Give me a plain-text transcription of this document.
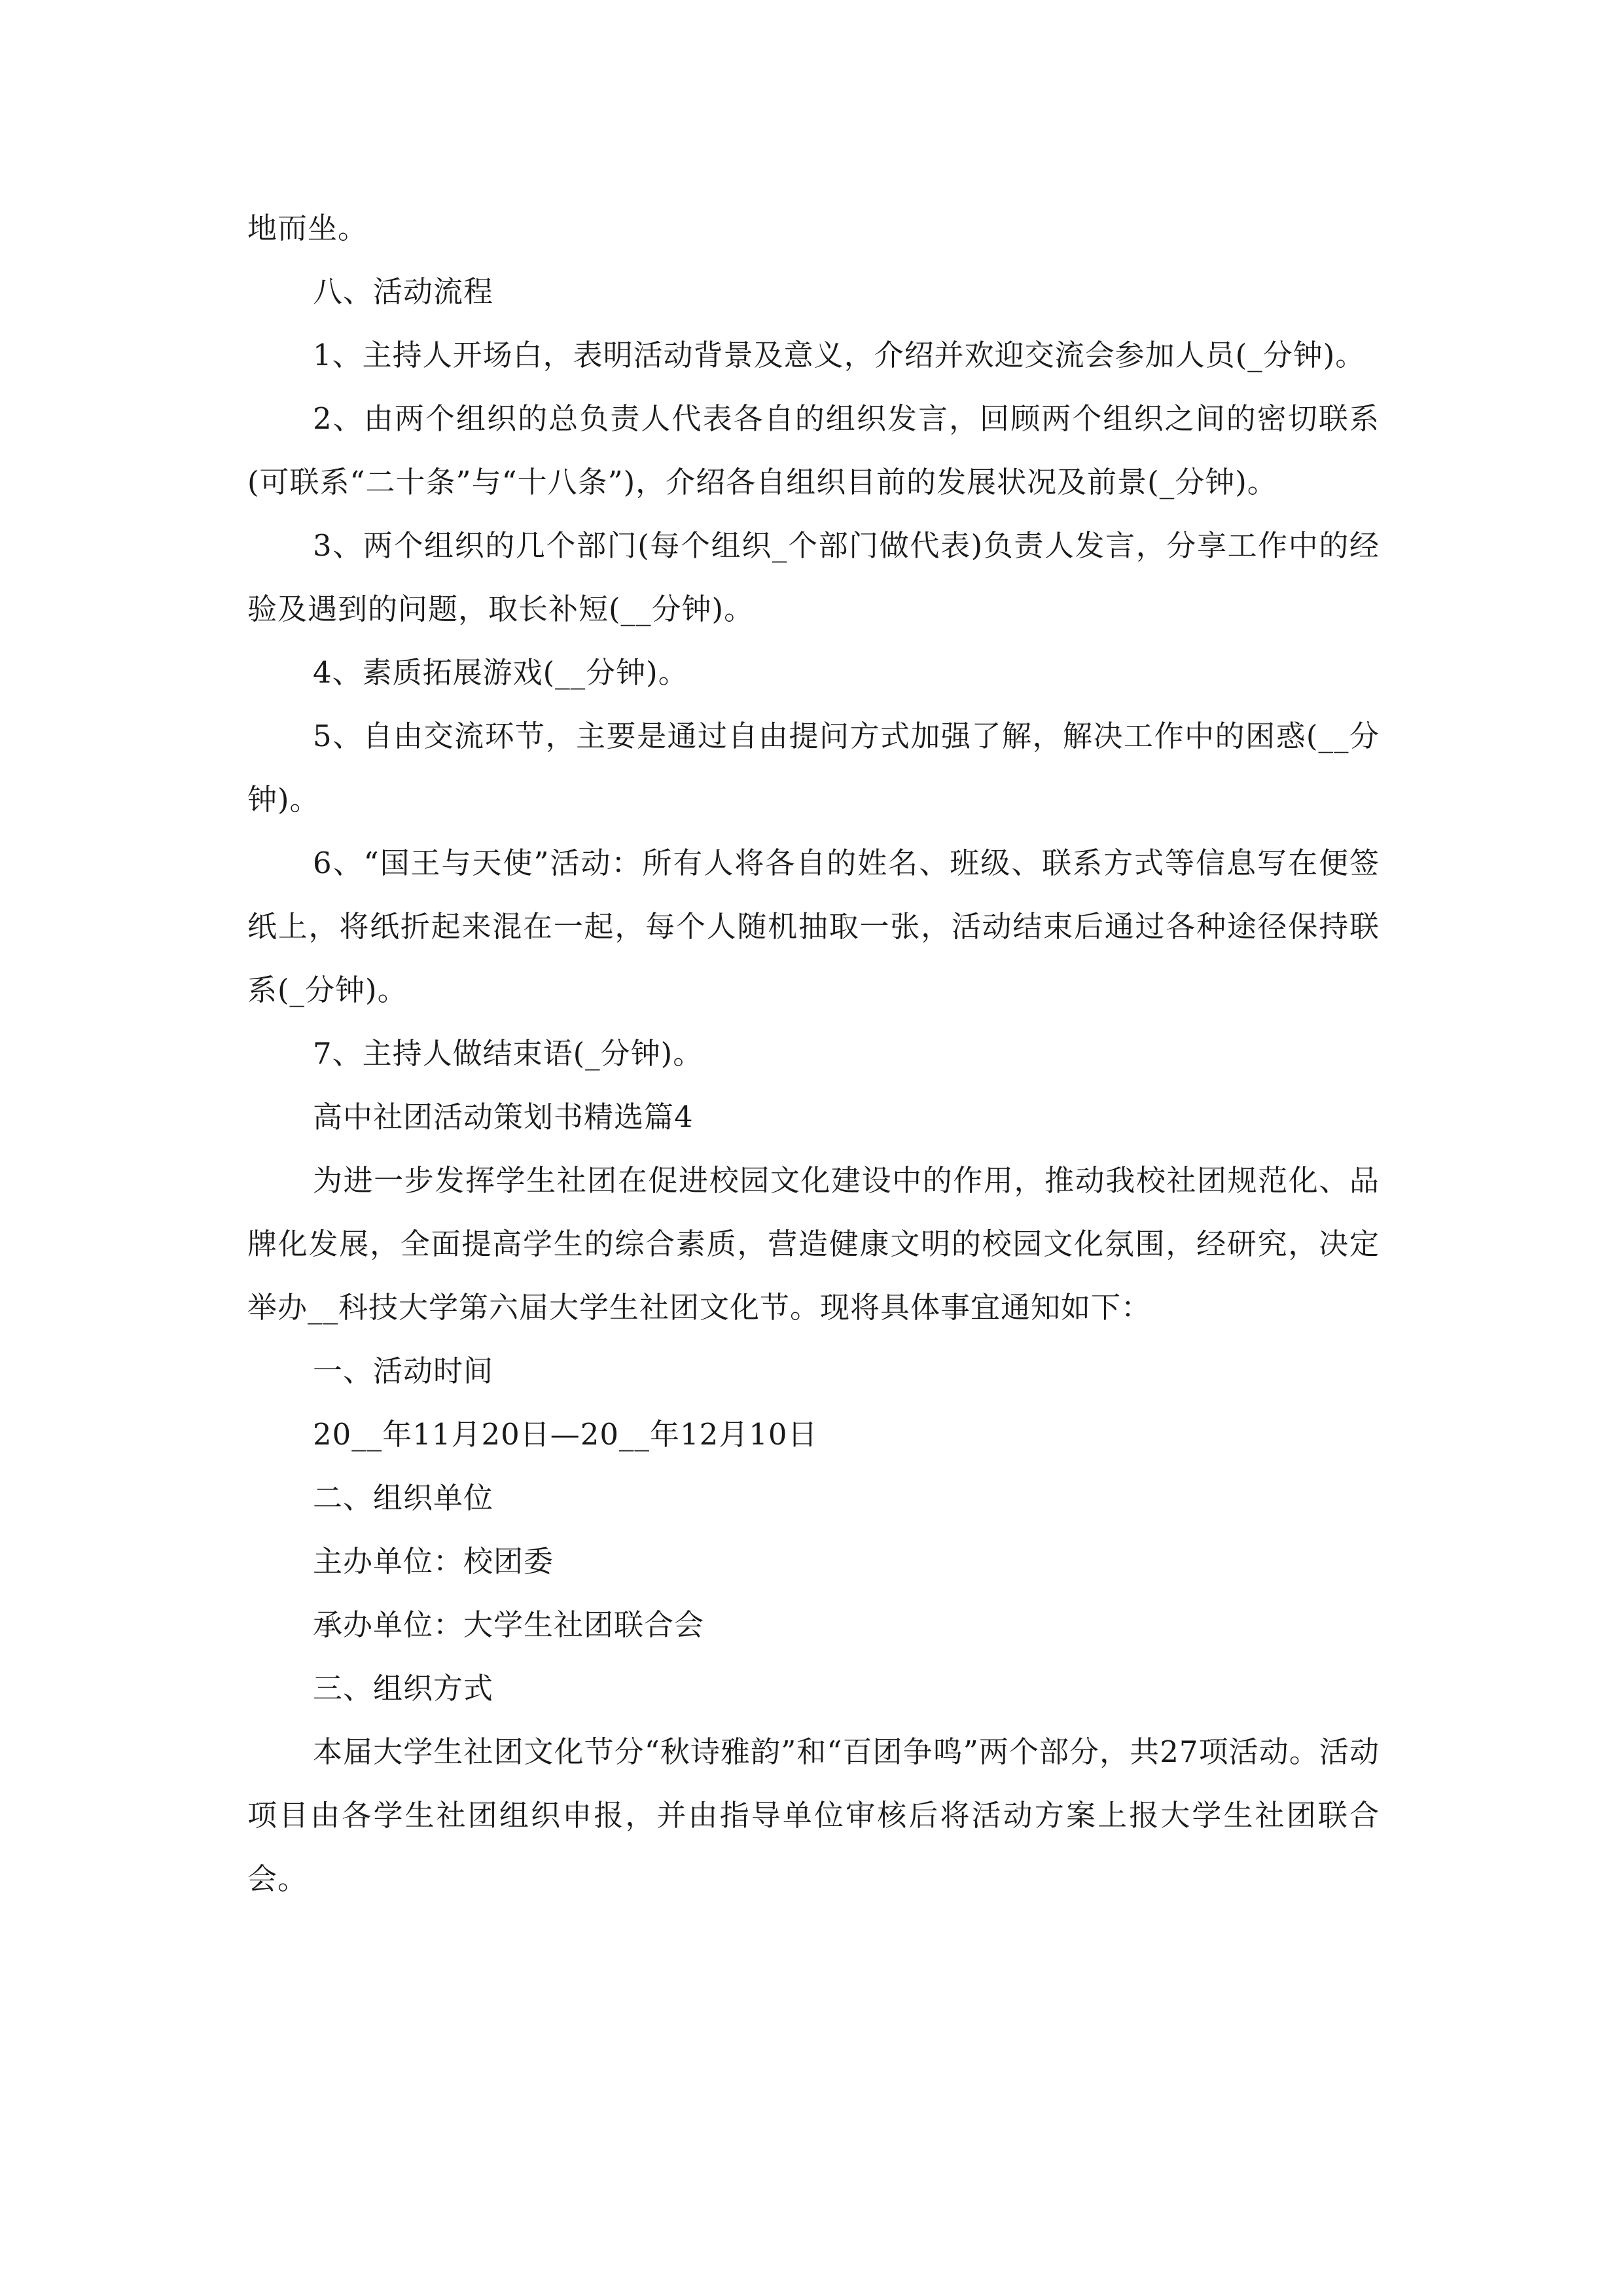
地而坐。

八、活动流程

1、主持人开场白，表明活动背景及意义，介绍并欢迎交流会参加人员(_分钟)。

2、由两个组织的总负责人代表各自的组织发言，回顾两个组织之间的密切联系(可联系“二十条”与“十八条”)，介绍各自组织目前的发展状况及前景(_分钟)。

3、两个组织的几个部门(每个组织_个部门做代表)负责人发言，分享工作中的经验及遇到的问题，取长补短(__分钟)。

4、素质拓展游戏(__分钟)。

5、自由交流环节，主要是通过自由提问方式加强了解，解决工作中的困惑(__分钟)。

6、“国王与天使”活动：所有人将各自的姓名、班级、联系方式等信息写在便签纸上，将纸折起来混在一起，每个人随机抽取一张，活动结束后通过各种途径保持联系(_分钟)。

7、主持人做结束语(_分钟)。

高中社团活动策划书精选篇4

为进一步发挥学生社团在促进校园文化建设中的作用，推动我校社团规范化、品牌化发展，全面提高学生的综合素质，营造健康文明的校园文化氛围，经研究，决定举办__科技大学第六届大学生社团文化节。现将具体事宜通知如下：

一、活动时间

20__年11月20日—20__年12月10日

二、组织单位

主办单位：校团委

承办单位：大学生社团联合会

三、组织方式

本届大学生社团文化节分“秋诗雅韵”和“百团争鸣”两个部分，共27项活动。活动项目由各学生社团组织申报，并由指导单位审核后将活动方案上报大学生社团联合会。
